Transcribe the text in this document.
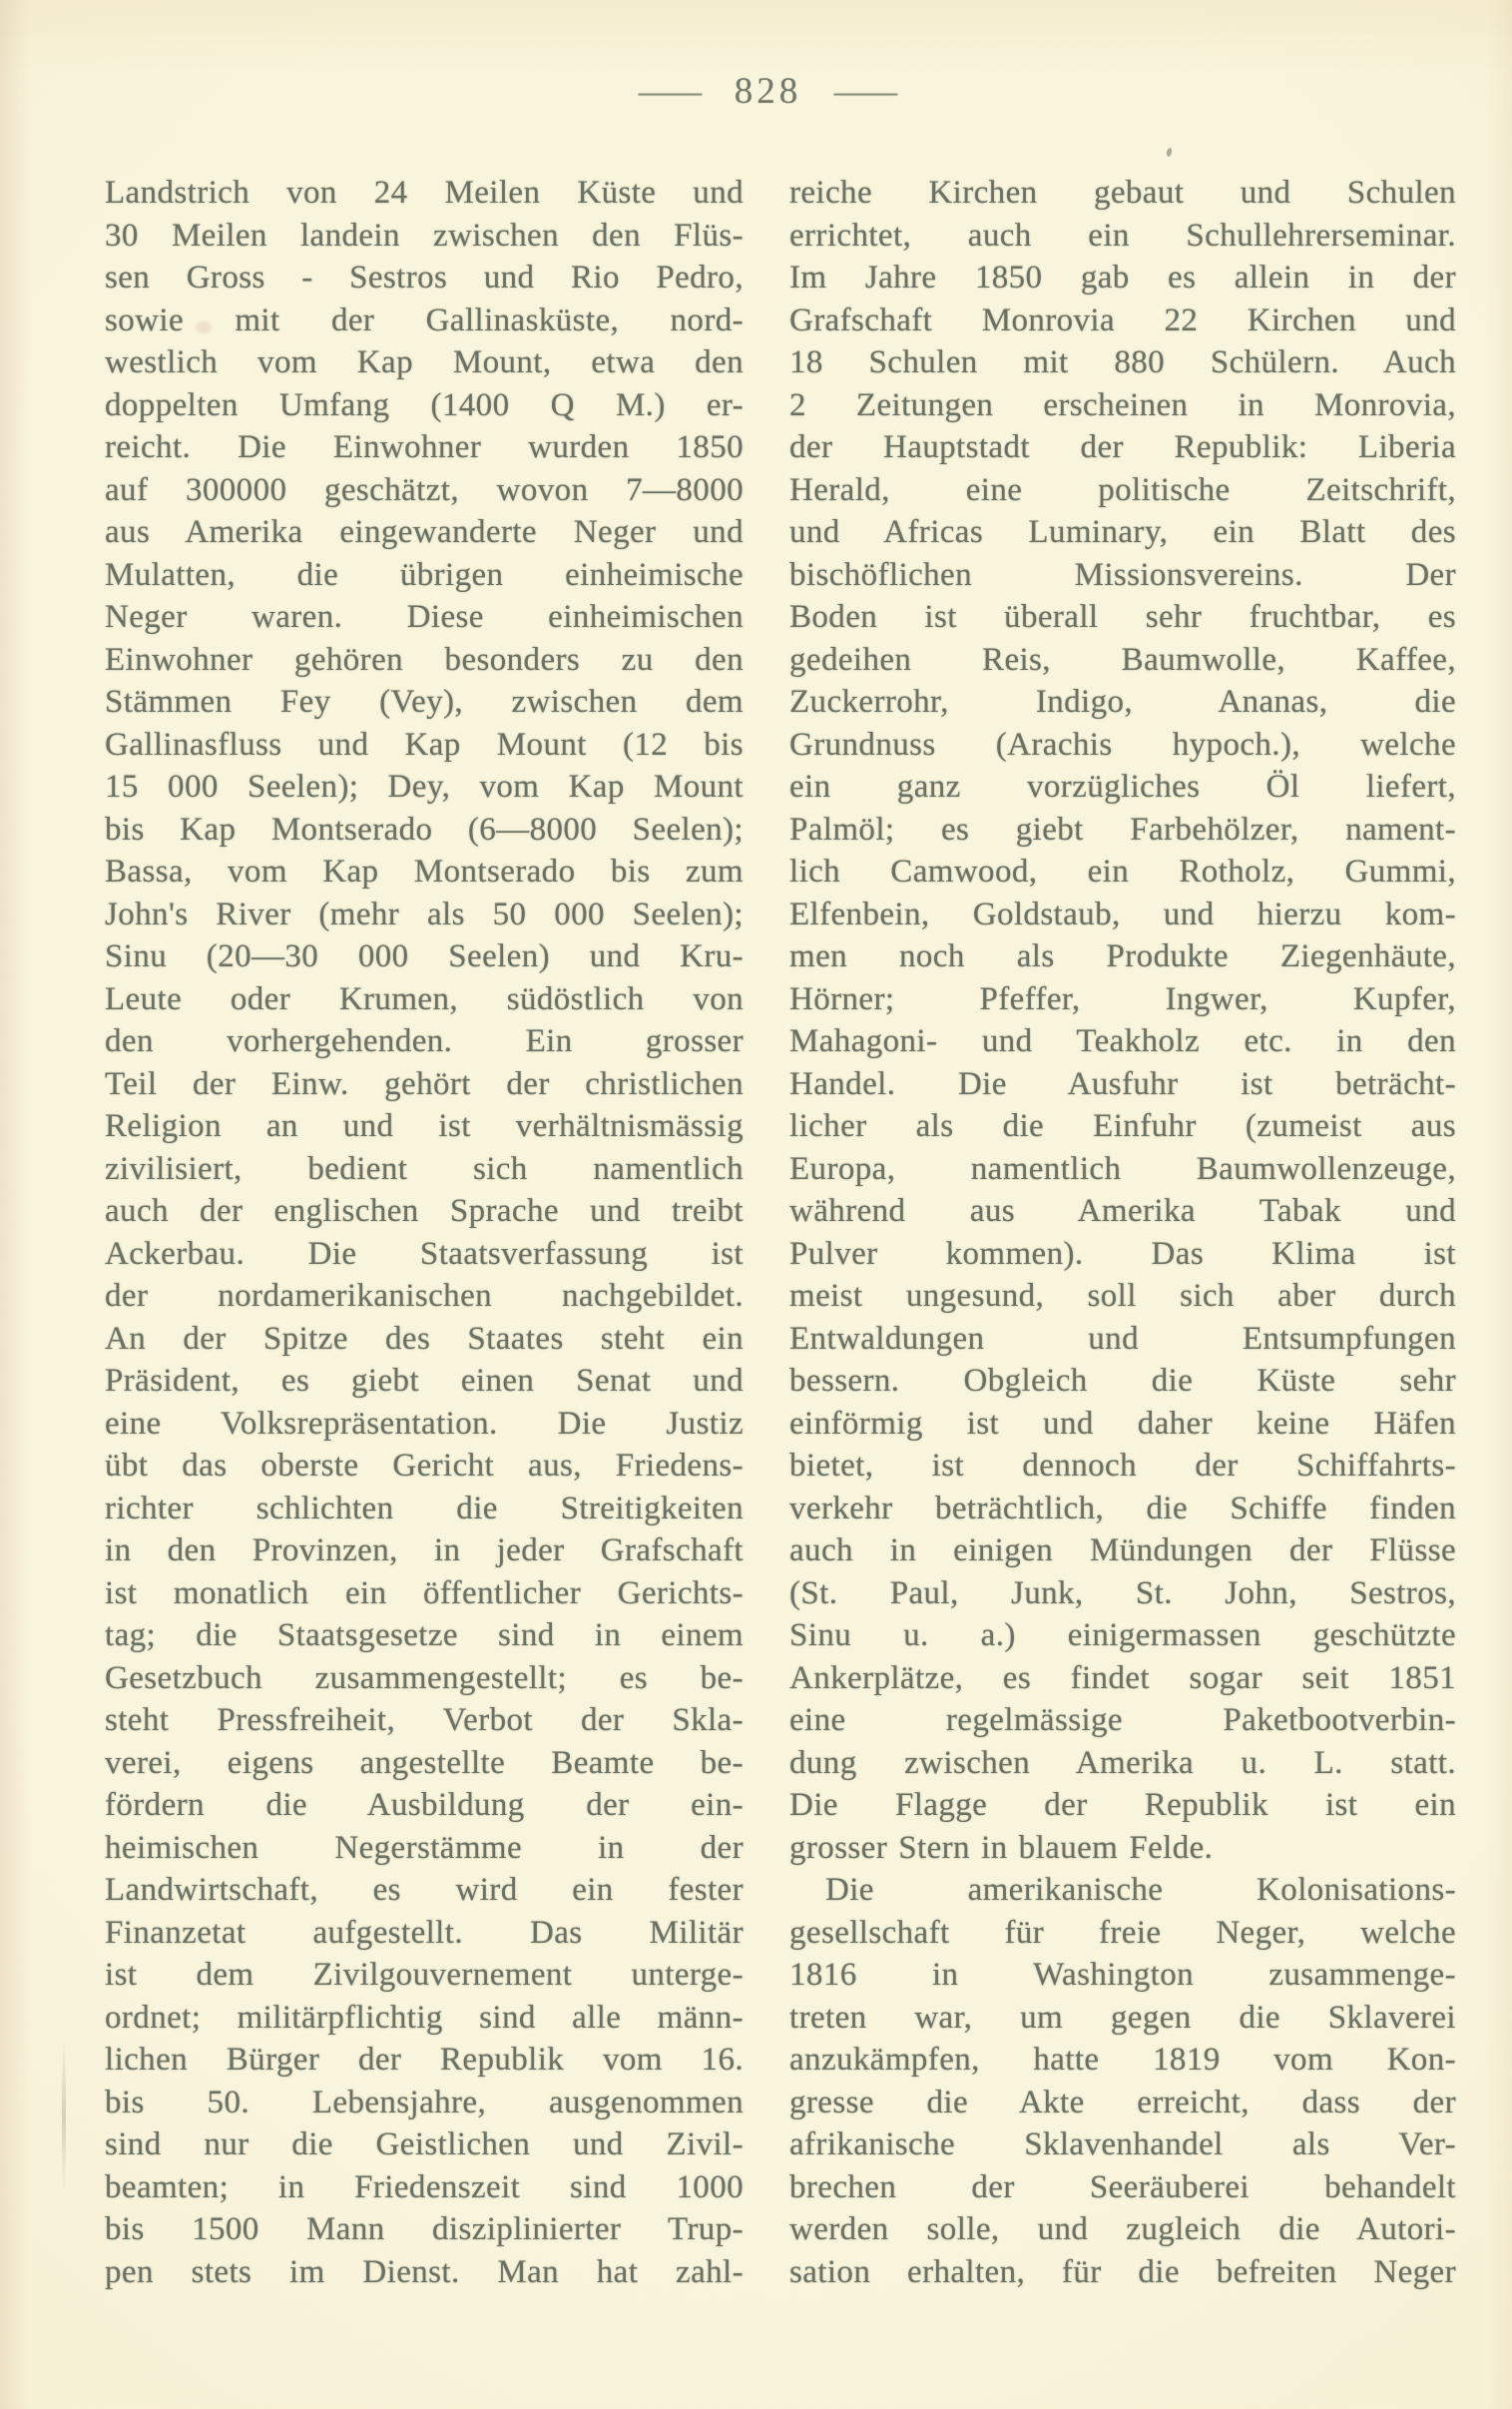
— 828 —
Landstrich von 24 Meilen Küste und
30 Meilen landein zwischen den Flüs-
sen Gross - Sestros und Rio Pedro,
sowie mit der Gallinasküste, nord-
westlich vom Kap Mount, etwa den
doppelten Umfang (1400 Q M.) er-
reicht. Die Einwohner wurden 1850
auf 300000 geschätzt, wovon 7—8000
aus Amerika eingewanderte Neger und
Mulatten, die übrigen einheimische
Neger waren. Diese einheimischen
Einwohner gehören besonders zu den
Stämmen Fey (Vey), zwischen dem
Gallinasfluss und Kap Mount (12 bis
15 000 Seelen); Dey, vom Kap Mount
bis Kap Montserado (6—8000 Seelen);
Bassa, vom Kap Montserado bis zum
John's River (mehr als 50 000 Seelen);
Sinu (20—30 000 Seelen) und Kru-
Leute oder Krumen, südöstlich von
den vorhergehenden. Ein grosser
Teil der Einw. gehört der christlichen
Religion an und ist verhältnismässig
zivilisiert, bedient sich namentlich
auch der englischen Sprache und treibt
Ackerbau. Die Staatsverfassung ist
der nordamerikanischen nachgebildet.
An der Spitze des Staates steht ein
Präsident, es giebt einen Senat und
eine Volksrepräsentation. Die Justiz
übt das oberste Gericht aus, Friedens-
richter schlichten die Streitigkeiten
in den Provinzen, in jeder Grafschaft
ist monatlich ein öffentlicher Gerichts-
tag; die Staatsgesetze sind in einem
Gesetzbuch zusammengestellt; es be-
steht Pressfreiheit, Verbot der Skla-
verei, eigens angestellte Beamte be-
fördern die Ausbildung der ein-
heimischen Negerstämme in der
Landwirtschaft, es wird ein fester
Finanzetat aufgestellt. Das Militär
ist dem Zivilgouvernement unterge-
ordnet; militärpflichtig sind alle männ-
lichen Bürger der Republik vom 16.
bis 50. Lebensjahre, ausgenommen
sind nur die Geistlichen und Zivil-
beamten; in Friedenszeit sind 1000
bis 1500 Mann disziplinierter Trup-
pen stets im Dienst. Man hat zahl-
reiche Kirchen gebaut und Schulen
errichtet, auch ein Schullehrerseminar.
Im Jahre 1850 gab es allein in der
Grafschaft Monrovia 22 Kirchen und
18 Schulen mit 880 Schülern. Auch
2 Zeitungen erscheinen in Monrovia,
der Hauptstadt der Republik: Liberia
Herald, eine politische Zeitschrift,
und Africas Luminary, ein Blatt des
bischöflichen Missionsvereins. Der
Boden ist überall sehr fruchtbar, es
gedeihen Reis, Baumwolle, Kaffee,
Zuckerrohr, Indigo, Ananas, die
Grundnuss (Arachis hypoch.), welche
ein ganz vorzügliches Öl liefert,
Palmöl; es giebt Farbehölzer, nament-
lich Camwood, ein Rotholz, Gummi,
Elfenbein, Goldstaub, und hierzu kom-
men noch als Produkte Ziegenhäute,
Hörner; Pfeffer, Ingwer, Kupfer,
Mahagoni- und Teakholz etc. in den
Handel. Die Ausfuhr ist beträcht-
licher als die Einfuhr (zumeist aus
Europa, namentlich Baumwollenzeuge,
während aus Amerika Tabak und
Pulver kommen). Das Klima ist
meist ungesund, soll sich aber durch
Entwaldungen und Entsumpfungen
bessern. Obgleich die Küste sehr
einförmig ist und daher keine Häfen
bietet, ist dennoch der Schiffahrts-
verkehr beträchtlich, die Schiffe finden
auch in einigen Mündungen der Flüsse
(St. Paul, Junk, St. John, Sestros,
Sinu u. a.) einigermassen geschützte
Ankerplätze, es findet sogar seit 1851
eine regelmässige Paketbootverbin-
dung zwischen Amerika u. L. statt.
Die Flagge der Republik ist ein
grosser Stern in blauem Felde.
Die amerikanische Kolonisations-
gesellschaft für freie Neger, welche
1816 in Washington zusammenge-
treten war, um gegen die Sklaverei
anzukämpfen, hatte 1819 vom Kon-
gresse die Akte erreicht, dass der
afrikanische Sklavenhandel als Ver-
brechen der Seeräuberei behandelt
werden solle, und zugleich die Autori-
sation erhalten, für die befreiten Neger
